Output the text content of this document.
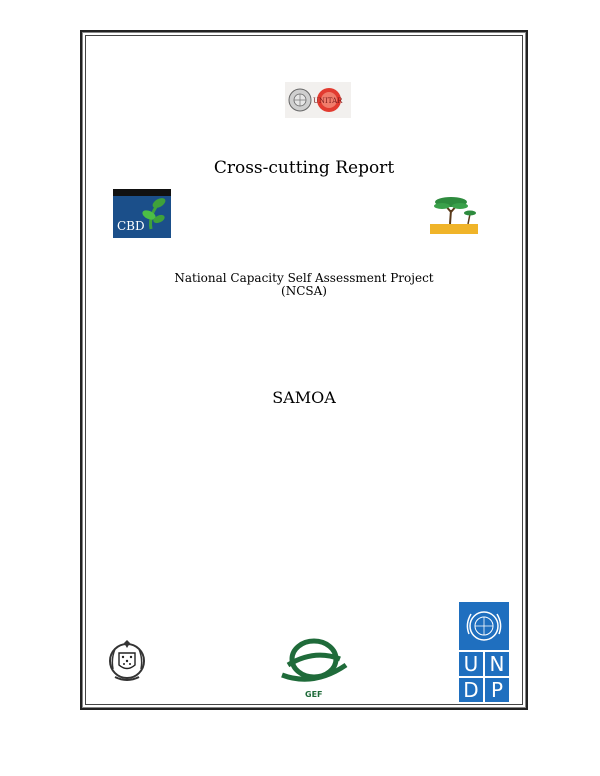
UNITAR
Cross-cutting Report
CBD
National Capacity Self Assessment Project
(NCSA)
SAMOA
GEF
U N
D P
